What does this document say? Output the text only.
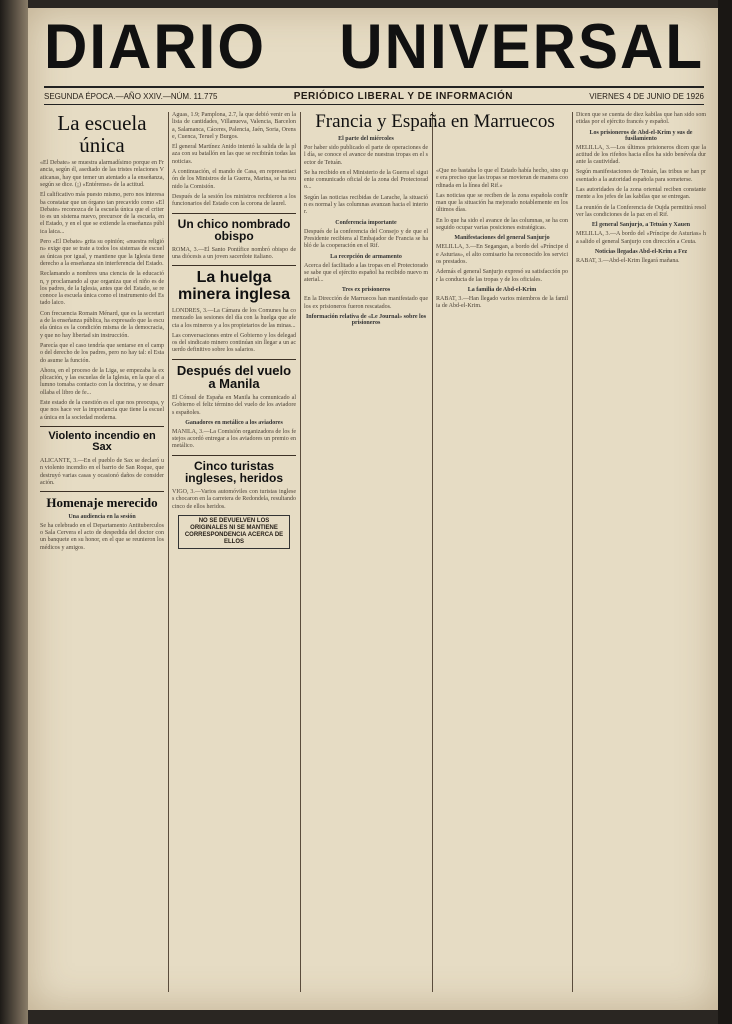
DIARIO UNIVERSAL
SEGUNDA ÉPOCA.—AÑO XXIV.—NÚM. 11.775	PERIÓDICO LIBERAL Y DE INFORMACIÓN	VIERNES 4 DE JUNIO DE 1926
La escuela única

«El Debate» se muestra alarmadísimo porque en Francia, según él, asediado de las tristes relaciones Vaticanas, hay que temer un atentado a la enseñanza, según se dice. (¡) «Entérense» de la actitud.

El calificativo más puesto mismo, pero nos interesaba constatar que un órgano tan precavido como «El Debate» reconozca de la escuela única que el criterio es un sistema nuevo, precursor de la escuela, en el Estado, y en el que se extiende la enseñanza pública laica...

Pero «El Debate» grita su opinión; «nuestra religión» exige que se trate a todos los sistemas de escuelas únicas por igual, y mantiene que la Iglesia tiene derecho a la enseñanza sin interferencia del Estado.

Reclamando a nombres una ciencia de la educación, y proclamando al que organiza que el niño es de los padres, de la Iglesia, antes que del Estado, se reconoce la escuela única como el instrumento del Estado laico.

Con frecuencia Romain Ménard, que es la secretaria de la enseñanza pública, ha expresado que la escuela única es la condición misma de la democracia, y que no hay libertad sin instrucción.

Parecía que el caso tendría que sentarse en el campo del derecho de los padres, pero no hay tal: el Estado asume la función.

Ahora, en el proceso de la Liga, se empezaba la explicación, y las escuelas de la Iglesia, en la que el alumno tomaba contacto con la doctrina, y se desarrollaba el libro de fe...

Este estado de la cuestión es el que nos preocupa, y que nos hace ver la importancia que tiene la escuela única en la sociedad moderna.

Violento incendio en Sax

ALICANTE, 3.—En el pueblo de Sax se declaró un violento incendio en el barrio de San Roque, que destruyó varias casas y ocasionó daños de consideración.

Homenaje merecido
Una audiencia en la sesión

Se ha celebrado en el Departamento Antituberculoso Sala Cervera el acto de despedida del doctor con un banquete en su honor, en el que se reunieron los médicos y amigos.

Aguas, 1.9; Pamplona, 2.7, la que debió venir en la lista de cantidades, Villanueva, Valencia, Barcelona, Salamanca, Cáceres, Palencia, Jaén, Soria, Orense, Cuenca, Teruel y Burgos.

El general Martínez Anido intentó la salida de la plaza con su batallón en las que se recibirán todas las noticias.

A continuación, el mando de Casa, en representación de los Ministros de la Guerra, Marina, se ha reunido la Comisión.

Después de la sesión los ministros recibieron a los funcionarios del Estado con la corona de laurel.

Un chico nombrado obispo

ROMA, 3.—El Santo Pontífice nombró obispo de una diócesis a un joven sacerdote italiano.

La huelga minera inglesa

LONDRES, 3.—La Cámara de los Comunes ha comenzado las sesiones del día con la huelga que afecta a los mineros y a los propietarios de las minas...

Las conversaciones entre el Gobierno y los delegados del sindicato minero continúan sin llegar a un acuerdo definitivo sobre los salarios.

Después del vuelo a Manila

El Cónsul de España en Manila ha comunicado al Gobierno el feliz término del vuelo de los aviadores españoles.

Ganadores en metálico a los aviadores

MANILA, 3.—La Comisión organizadora de los festejos acordó entregar a los aviadores un premio en metálico.

Cinco turistas ingleses, heridos

VIGO, 3.—Varios automóviles con turistas ingleses chocaron en la carretera de Redondela, resultando cinco de ellos heridos.

NO SE DEVUELVEN LOS ORIGINALES NI SE MANTIENE CORRESPONDENCIA ACERCA DE ELLOS
Francia y España en Marruecos
El parte del miércoles

Por haber sido publicado el parte de operaciones del día, se conoce el avance de nuestras tropas en el sector de Tetuán.

Se ha recibido en el Ministerio de la Guerra el siguiente comunicado oficial de la zona del Protectorado...

Según las noticias recibidas de Larache, la situación es normal y las columnas avanzan hacia el interior.

Conferencia importante

Después de la conferencia del Consejo y de que el Presidente recibiera al Embajador de Francia se habló de la cooperación en el Rif.

La recepción de armamento

Acerca del facilitado a las tropas en el Protectorado se sabe que el ejército español ha recibido nuevo material...

Tres ex prisioneros

En la Dirección de Marruecos han manifestado que los ex prisioneros fueron rescatados.

Información relativa de «Le Journal» sobre los prisioneros

«Que no bastaba lo que el Estado había hecho, sino que era preciso que las tropas se movieran de manera coordinada en la línea del Rif.»

Las noticias que se reciben de la zona española confirman que la situación ha mejorado notablemente en los últimos días.

En lo que ha sido el avance de las columnas, se ha conseguido ocupar varias posiciones estratégicas.

Manifestaciones del general Sanjurjo

MELILLA, 3.—En Segangan, a bordo del «Príncipe de Asturias», el alto comisario ha reconocido los servicios prestados.

Además el general Sanjurjo expresó su satisfacción por la conducta de las tropas y de los oficiales.

La familia de Abd-el-Krim

RABAT, 3.—Han llegado varios miembros de la familia de Abd-el-Krim.

Dicen que se cuenta de diez kabilas que han sido sometidas por el ejército francés y español.

Los prisioneros de Abd-el-Krim y sus de fusilamiento

MELILLA, 3.—Los últimos prisioneros dicen que la actitud de los rifeños hacia ellos ha sido benévola durante la cautividad.

Según manifestaciones de Tetuán, las tribus se han presentado a la autoridad española para someterse.

Las autoridades de la zona oriental reciben constantemente a los jefes de las kabilas que se entregan.

La reunión de la Conferencia de Oujda permitirá resolver las condiciones de la paz en el Rif.

El general Sanjurjo, a Tetuán y Xauen

MELILLA, 3.—A bordo del «Príncipe de Asturias» ha salido el general Sanjurjo con dirección a Ceuta.

Noticias llegadas Abd-el-Krim a Fez

RABAT, 3.—Abd-el-Krim llegará mañana.
